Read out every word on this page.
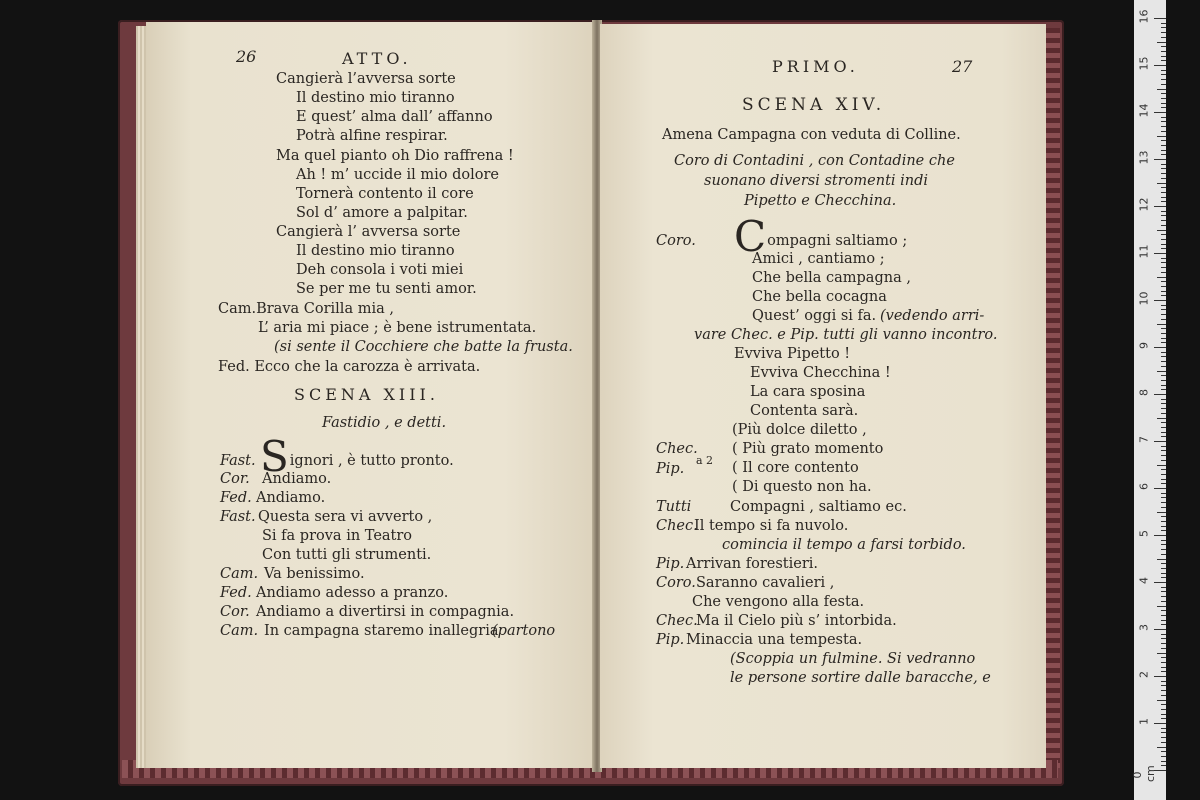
26	ATTO.
Cangierà l’avversa sorte
Il destino mio tiranno
E quest’ alma dall’ affanno
Potrà alfine respirar.
Ma quel pianto oh Dio raffrena !
Ah ! m’ uccide il mio dolore
Tornerà contento il core
Sol d’ amore a palpitar.
Cangierà l’ avversa sorte
Il destino mio tiranno
Deh consola i voti miei
Se per me tu senti amor.
Cam.Brava Corilla mia ,
L’ aria mi piace ; è bene istrumentata.
(si sente il Cocchiere che batte la frusta.
Fed. Ecco che la carozza è arrivata.
SCENA XIII.
Fastidio , e detti.
Fast. Signori , è tutto pronto.
Cor. Andiamo.
Fed. Andiamo.
Fast. Questa sera vi avverto ,
Si fa prova in Teatro
Con tutti gli strumenti.
Cam. Va benissimo.
Fed. Andiamo adesso a pranzo.
Cor. Andiamo a divertirsi in compagnia.
Cam. In campagna staremo inallegria
(partono
PRIMO.	27
SCENA XIV.
Amena Campagna con veduta di Colline.
Coro di Contadini , con Contadine che
suonano diversi stromenti indi
Pipetto e Checchina.
Coro. Compagni saltiamo ;
Amici , cantiamo ;
Che bella campagna ,
Che bella cocagna
Quest’ oggi si fa. (vedendo arri-
vare Chec. e Pip. tutti gli vanno incontro.
Evviva Pipetto !
Evviva Checchina !
La cara sposina
Contenta sarà.
(Più dolce diletto ,
( Più grato momento
( Il core contento
( Di questo non ha.
Chec.
a 2
Pip.
Tutti	Compagni , saltiamo ec.
Chec.
Il tempo si fa nuvolo.
comincia il tempo a farsi torbido.
Pip. Arrivan forestieri.
Coro. Saranno cavalieri ,
Che vengono alla festa.
Chec.
Ma il Cielo più s’ intorbida.
Pip. Minaccia una tempesta.
(Scoppia un fulmine. Si vedranno
le persone sortire dalle baracche, e
0 cm
1
2
3
4
5
6
7
8
9
10
11
12
13
14
15
16
